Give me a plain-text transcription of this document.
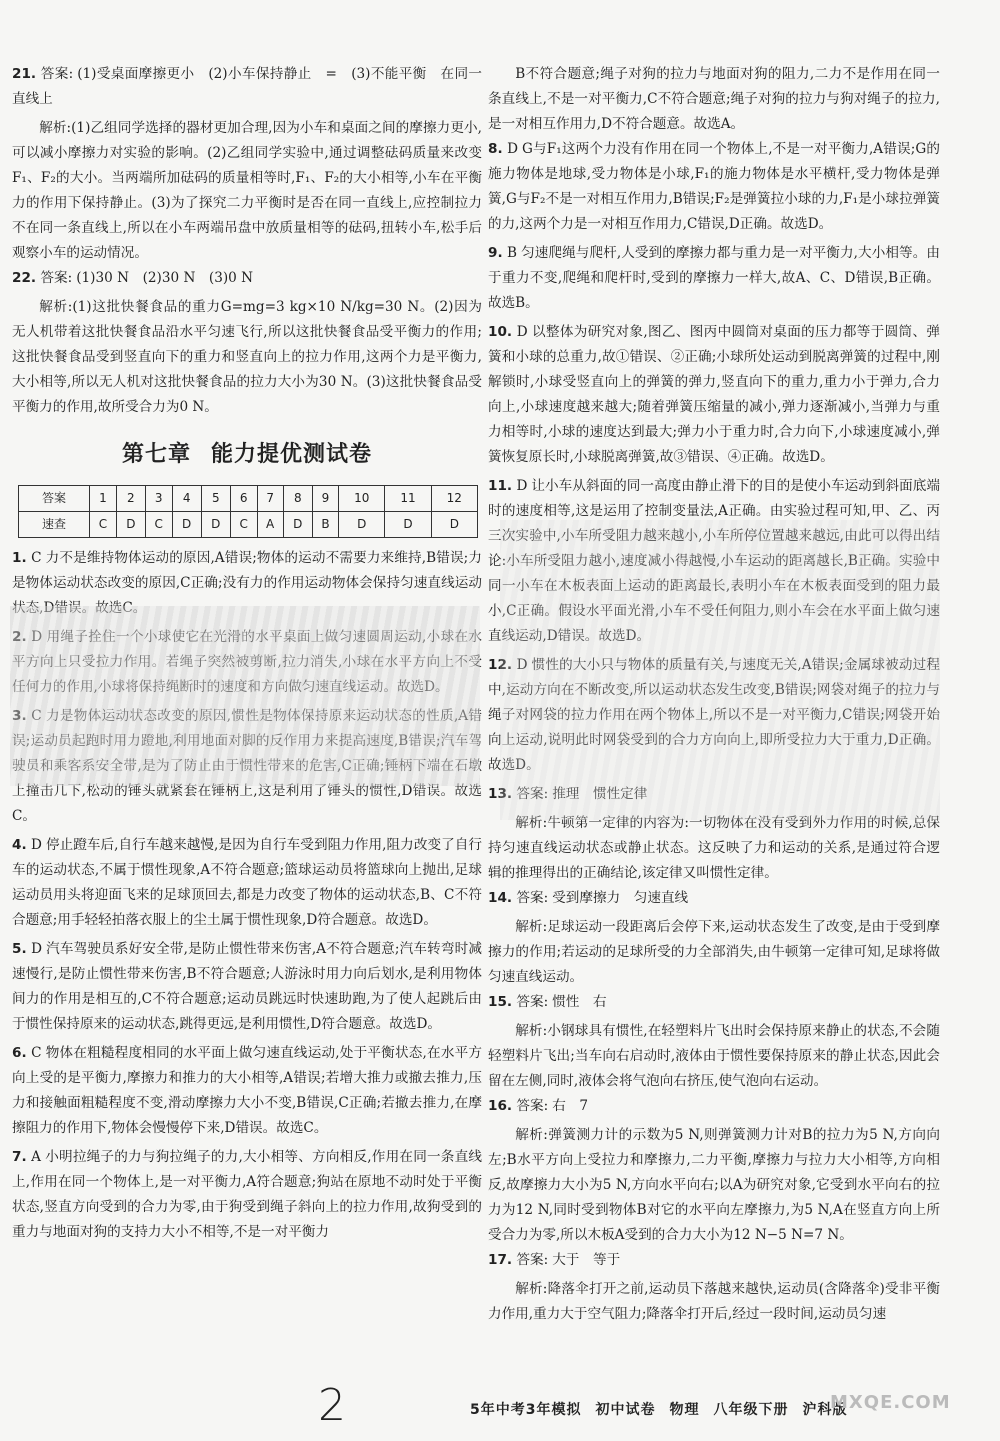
21. 答案: (1)受桌面摩擦更小　(2)小车保持静止　=　(3)不能平衡　在同一直线上

解析:(1)乙组同学选择的器材更加合理,因为小车和桌面之间的摩擦力更小,可以减小摩擦力对实验的影响。(2)乙组同学实验中,通过调整砝码质量来改变F₁、F₂的大小。当两端所加砝码的质量相等时,F₁、F₂的大小相等,小车在平衡力的作用下保持静止。(3)为了探究二力平衡时是否在同一直线上,应控制拉力不在同一条直线上,所以在小车两端吊盘中放质量相等的砝码,扭转小车,松手后观察小车的运动情况。

22. 答案: (1)30 N　(2)30 N　(3)0 N

解析:(1)这批快餐食品的重力G=mg=3 kg×10 N/kg=30 N。(2)因为无人机带着这批快餐食品沿水平匀速飞行,所以这批快餐食品受平衡力的作用;这批快餐食品受到竖直向下的重力和竖直向上的拉力作用,这两个力是平衡力,大小相等,所以无人机对这批快餐食品的拉力大小为30 N。(3)这批快餐食品受平衡力的作用,故所受合力为0 N。

第七章 能力提优测试卷
答案	1	2	3	4	5	6	7	8	9	10	11	12
速查	C	D	C	D	D	C	A	D	B	D	D	D
1. C 力不是维持物体运动的原因,A错误;物体的运动不需要力来维持,B错误;力是物体运动状态改变的原因,C正确;没有力的作用运动物体会保持匀速直线运动状态,D错误。故选C。
2. D 用绳子拴住一个小球使它在光滑的水平桌面上做匀速圆周运动,小球在水平方向上只受拉力作用。若绳子突然被剪断,拉力消失,小球在水平方向上不受任何力的作用,小球将保持绳断时的速度和方向做匀速直线运动。故选D。
3. C 力是物体运动状态改变的原因,惯性是物体保持原来运动状态的性质,A错误;运动员起跑时用力蹬地,利用地面对脚的反作用力来提高速度,B错误;汽车驾驶员和乘客系安全带,是为了防止由于惯性带来的危害,C正确;锤柄下端在石墩上撞击几下,松动的锤头就紧套在锤柄上,这是利用了锤头的惯性,D错误。故选C。
4. D 停止蹬车后,自行车越来越慢,是因为自行车受到阻力作用,阻力改变了自行车的运动状态,不属于惯性现象,A不符合题意;篮球运动员将篮球向上抛出,足球运动员用头将迎面飞来的足球顶回去,都是力改变了物体的运动状态,B、C不符合题意;用手轻轻拍落衣服上的尘土属于惯性现象,D符合题意。故选D。
5. D 汽车驾驶员系好安全带,是防止惯性带来伤害,A不符合题意;汽车转弯时减速慢行,是防止惯性带来伤害,B不符合题意;人游泳时用力向后划水,是利用物体间力的作用是相互的,C不符合题意;运动员跳远时快速助跑,为了使人起跳后由于惯性保持原来的运动状态,跳得更远,是利用惯性,D符合题意。故选D。
6. C 物体在粗糙程度相同的水平面上做匀速直线运动,处于平衡状态,在水平方向上受的是平衡力,摩擦力和推力的大小相等,A错误;若增大推力或撤去推力,压力和接触面粗糙程度不变,滑动摩擦力大小不变,B错误,C正确;若撤去推力,在摩擦阻力的作用下,物体会慢慢停下来,D错误。故选C。
7. A 小明拉绳子的力与狗拉绳子的力,大小相等、方向相反,作用在同一条直线上,作用在同一个物体上,是一对平衡力,A符合题意;狗站在原地不动时处于平衡状态,竖直方向受到的合力为零,由于狗受到绳子斜向上的拉力作用,故狗受到的重力与地面对狗的支持力大小不相等,不是一对平衡力

B不符合题意;绳子对狗的拉力与地面对狗的阻力,二力不是作用在同一条直线上,不是一对平衡力,C不符合题意;绳子对狗的拉力与狗对绳子的拉力,是一对相互作用力,D不符合题意。故选A。

8. D G与F₁这两个力没有作用在同一个物体上,不是一对平衡力,A错误;G的施力物体是地球,受力物体是小球,F₁的施力物体是水平横杆,受力物体是弹簧,G与F₂不是一对相互作用力,B错误;F₂是弹簧拉小球的力,F₁是小球拉弹簧的力,这两个力是一对相互作用力,C错误,D正确。故选D。
9. B 匀速爬绳与爬杆,人受到的摩擦力都与重力是一对平衡力,大小相等。由于重力不变,爬绳和爬杆时,受到的摩擦力一样大,故A、C、D错误,B正确。故选B。
10. D 以整体为研究对象,图乙、图丙中圆筒对桌面的压力都等于圆筒、弹簧和小球的总重力,故①错误、②正确;小球所处运动到脱离弹簧的过程中,刚解锁时,小球受竖直向上的弹簧的弹力,竖直向下的重力,重力小于弹力,合力向上,小球速度越来越大;随着弹簧压缩量的减小,弹力逐渐减小,当弹力与重力相等时,小球的速度达到最大;弹力小于重力时,合力向下,小球速度减小,弹簧恢复原长时,小球脱离弹簧,故③错误、④正确。故选D。
11. D 让小车从斜面的同一高度由静止滑下的目的是使小车运动到斜面底端时的速度相等,这是运用了控制变量法,A正确。由实验过程可知,甲、乙、丙三次实验中,小车所受阻力越来越小,小车所停位置越来越远,由此可以得出结论:小车所受阻力越小,速度减小得越慢,小车运动的距离越长,B正确。实验中同一小车在木板表面上运动的距离最长,表明小车在木板表面受到的阻力最小,C正确。假设水平面光滑,小车不受任何阻力,则小车会在水平面上做匀速直线运动,D错误。故选D。
12. D 惯性的大小只与物体的质量有关,与速度无关,A错误;金属球被动过程中,运动方向在不断改变,所以运动状态发生改变,B错误;网袋对绳子的拉力与绳子对网袋的拉力作用在两个物体上,所以不是一对平衡力,C错误;网袋开始向上运动,说明此时网袋受到的合力方向向上,即所受拉力大于重力,D正确。故选D。
13. 答案: 推理　惯性定律

解析:牛顿第一定律的内容为:一切物体在没有受到外力作用的时候,总保持匀速直线运动状态或静止状态。这反映了力和运动的关系,是通过符合逻辑的推理得出的正确结论,该定律又叫惯性定律。

14. 答案: 受到摩擦力　匀速直线

解析:足球运动一段距离后会停下来,运动状态发生了改变,是由于受到摩擦力的作用;若运动的足球所受的力全部消失,由牛顿第一定律可知,足球将做匀速直线运动。

15. 答案: 惯性　右

解析:小钢球具有惯性,在轻塑料片飞出时会保持原来静止的状态,不会随轻塑料片飞出;当车向右启动时,液体由于惯性要保持原来的静止状态,因此会留在左侧,同时,液体会将气泡向右挤压,使气泡向右运动。

16. 答案: 右　7

解析:弹簧测力计的示数为5 N,则弹簧测力计对B的拉力为5 N,方向向左;B水平方向上受拉力和摩擦力,二力平衡,摩擦力与拉力大小相等,方向相反,故摩擦力大小为5 N,方向水平向右;以A为研究对象,它受到水平向右的拉力为12 N,同时受到物体B对它的水平向左摩擦力,为5 N,A在竖直方向上所受合力为零,所以木板A受到的合力大小为12 N−5 N=7 N。

17. 答案: 大于　等于

解析:降落伞打开之前,运动员下落越来越快,运动员(含降落伞)受非平衡力作用,重力大于空气阻力;降落伞打开后,经过一段时间,运动员匀速

2	5年中考3年模拟 初中试卷 物理 八年级下册 沪科版
MXQE.COM
